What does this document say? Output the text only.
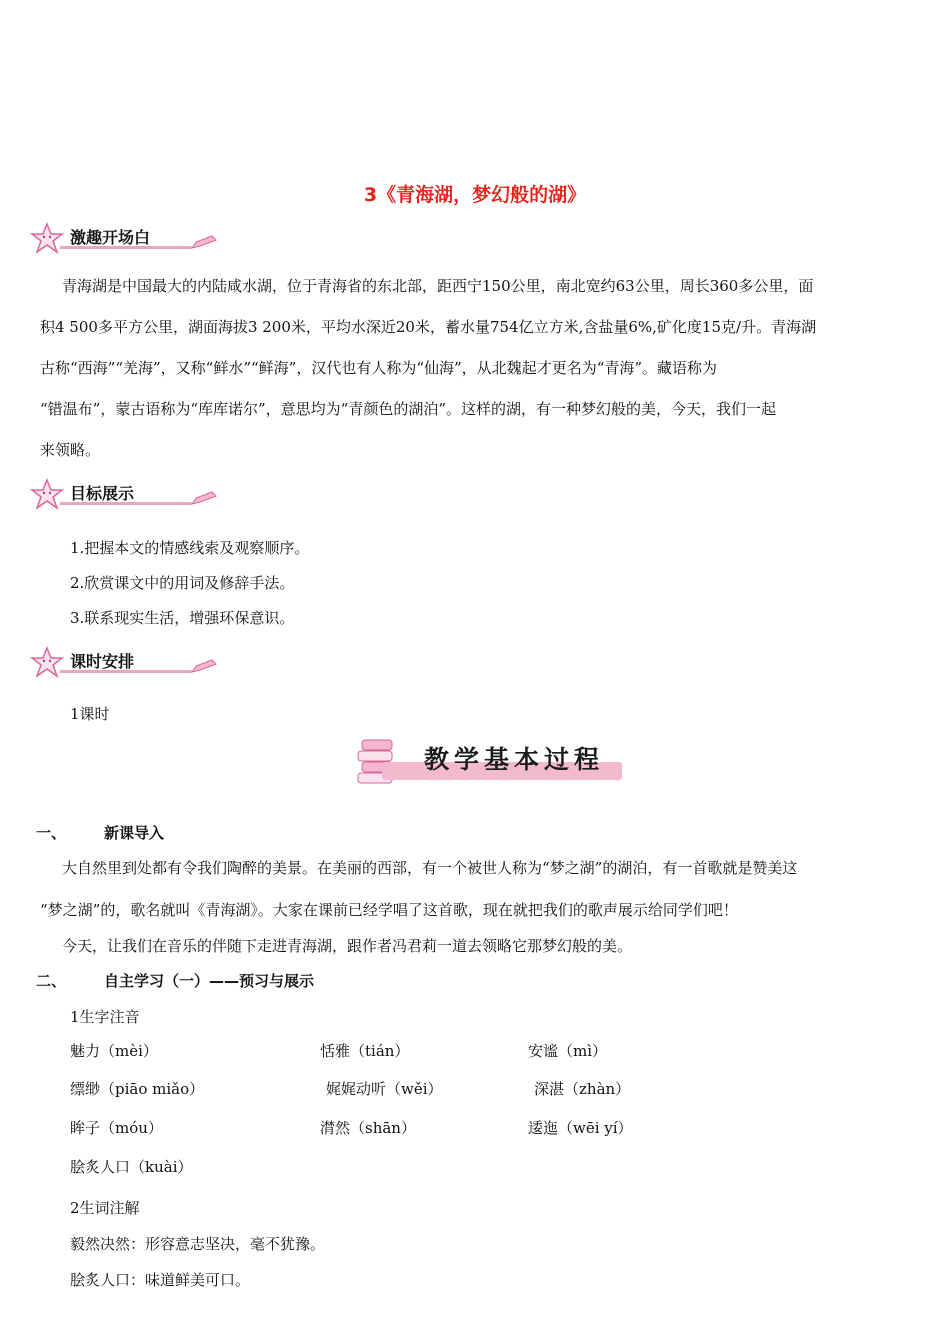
3《青海湖，梦幻般的湖》
激趣开场白

青海湖是中国最大的内陆咸水湖，位于青海省的东北部，距西宁150公里，南北宽约63公里，周长360多公里，面

积4 500多平方公里，湖面海拔3 200米，平均水深近20米，蓄水量754亿立方米,含盐量6%,矿化度15克/升。青海湖

古称“西海”“羌海”，又称“鲜水”“鲜海”，汉代也有人称为“仙海”，从北魏起才更名为“青海”。藏语称为

“错温布”，蒙古语称为“库库诺尔”，意思均为“青颜色的湖泊”。这样的湖，有一种梦幻般的美，今天，我们一起

来领略。

目标展示
1.把握本文的情感线索及观察顺序。
2.欣赏课文中的用词及修辞手法。
3.联系现实生活，增强环保意识。
课时安排
1课时
教学基本过程
一、	新课导入
大自然里到处都有令我们陶醉的美景。在美丽的西部，有一个被世人称为“梦之湖”的湖泊，有一首歌就是赞美这
“梦之湖”的，歌名就叫《青海湖》。大家在课前已经学唱了这首歌，现在就把我们的歌声展示给同学们吧！
今天，让我们在音乐的伴随下走进青海湖，跟作者冯君莉一道去领略它那梦幻般的美。
二、	自主学习（一）——预习与展示
1生字注音
魅力（mèi）	恬雅（tián）	安谧（mì）
缥缈（piāo miǎo）	娓娓动听（wěi）	深湛（zhàn）
眸子（móu）	潸然（shān）	逶迤（wēi yí）
脍炙人口（kuài）
2生词注解
毅然决然：形容意志坚决，毫不犹豫。
脍炙人口：味道鲜美可口。
